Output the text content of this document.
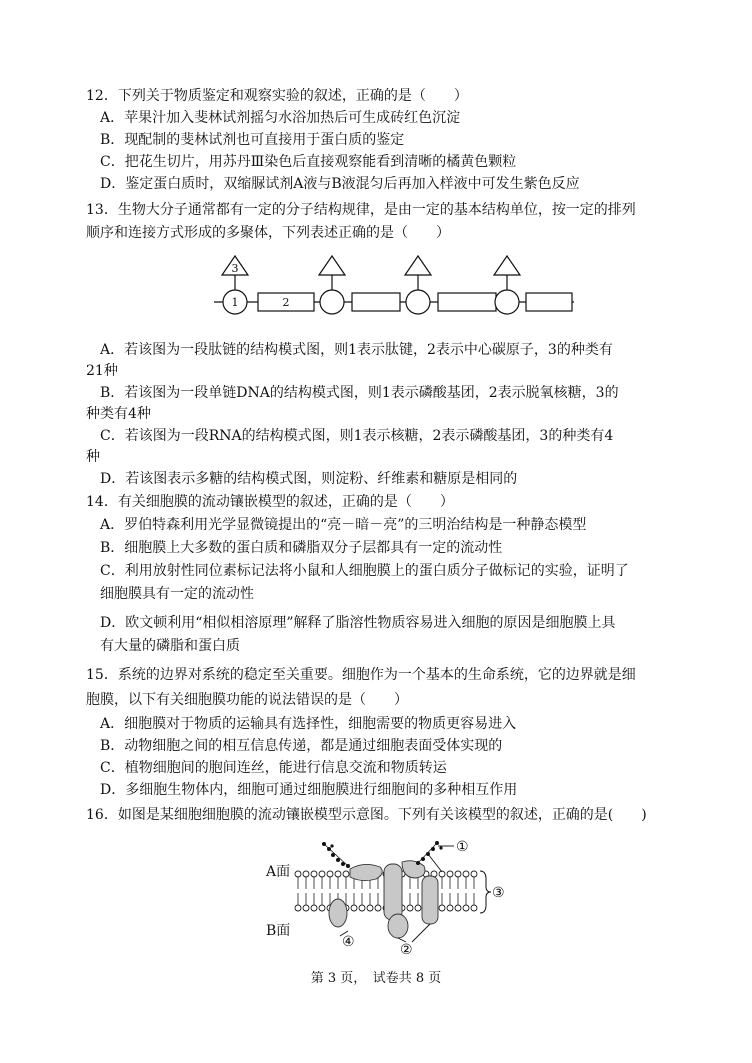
12．下列关于物质鉴定和观察实验的叙述，正确的是（　　）
A．苹果汁加入斐林试剂摇匀水浴加热后可生成砖红色沉淀
B．现配制的斐林试剂也可直接用于蛋白质的鉴定
C．把花生切片，用苏丹Ⅲ染色后直接观察能看到清晰的橘黄色颗粒
D．鉴定蛋白质时，双缩脲试剂A液与B液混匀后再加入样液中可发生紫色反应
13．生物大分子通常都有一定的分子结构规律，是由一定的基本结构单位，按一定的排列
顺序和连接方式形成的多聚体，下列表述正确的是（　　）
3
1	2
A．若该图为一段肽链的结构模式图，则1表示肽键，2表示中心碳原子，3的种类有
21种
B．若该图为一段单链DNA的结构模式图，则1表示磷酸基团，2表示脱氧核糖，3的
种类有4种
C．若该图为一段RNA的结构模式图，则1表示核糖，2表示磷酸基团，3的种类有4
种
D．若该图表示多糖的结构模式图，则淀粉、纤维素和糖原是相同的
14．有关细胞膜的流动镶嵌模型的叙述，正确的是（　　）
A．罗伯特森利用光学显微镜提出的“亮－暗－亮”的三明治结构是一种静态模型
B．细胞膜上大多数的蛋白质和磷脂双分子层都具有一定的流动性
C．利用放射性同位素标记法将小鼠和人细胞膜上的蛋白质分子做标记的实验，证明了
细胞膜具有一定的流动性
D．欧文顿利用“相似相溶原理”解释了脂溶性物质容易进入细胞的原因是细胞膜上具
有大量的磷脂和蛋白质
15．系统的边界对系统的稳定至关重要。细胞作为一个基本的生命系统，它的边界就是细
胞膜，以下有关细胞膜功能的说法错误的是（　　）
A．细胞膜对于物质的运输具有选择性，细胞需要的物质更容易进入
B．动物细胞之间的相互信息传递，都是通过细胞表面受体实现的
C．植物细胞间的胞间连丝，能进行信息交流和物质转运
D．多细胞生物体内，细胞可通过细胞膜进行细胞间的多种相互作用
16．如图是某细胞细胞膜的流动镶嵌模型示意图。下列有关该模型的叙述，正确的是(　　)
A面
B面
①
③
④	②
第 3 页，　试卷共 8 页
